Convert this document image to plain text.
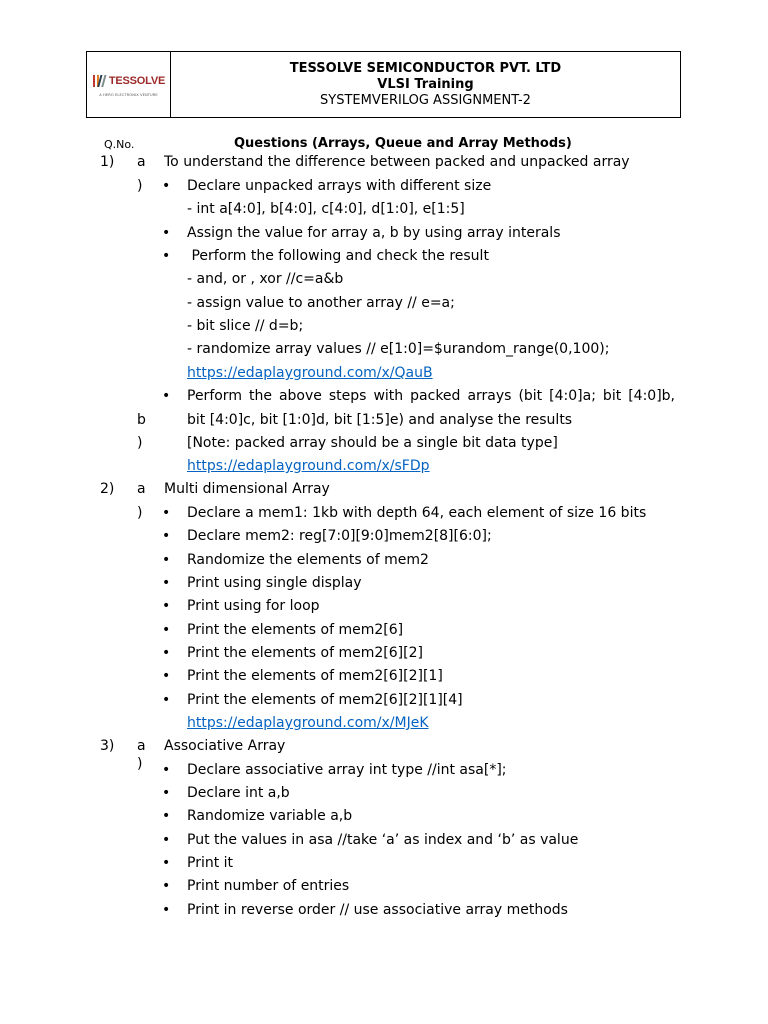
TESSOLVE
A HERO ELECTRONIX VENTURE
TESSOLVE SEMICONDUCTOR PVT. LTD
VLSI Training
SYSTEMVERILOG ASSIGNMENT-2
Q.No.	Questions (Arrays, Queue and Array Methods)
1) a
)
To understand the difference between packed and unpacked array
• Declare unpacked arrays with different size
- int a[4:0], b[4:0], c[4:0], d[1:0], e[1:5]
• Assign the value for array a, b by using array interals
• Perform the following and check the result
- and, or , xor //c=a&b
- assign value to another array // e=a;
- bit slice // d=b;
- randomize array values // e[1:0]=$urandom_range(0,100);
https://edaplayground.com/x/QauB
• Perform the above steps with packed arrays (bit [4:0]a; bit [4:0]b,
b	bit [4:0]c, bit [1:0]d, bit [1:5]e) and analyse the results
)	[Note: packed array should be a single bit data type]
https://edaplayground.com/x/sFDp
2) a
)
Multi dimensional Array
• Declare a mem1: 1kb with depth 64, each element of size 16 bits
• Declare mem2: reg[7:0][9:0]mem2[8][6:0];
• Randomize the elements of mem2
• Print using single display
• Print using for loop
• Print the elements of mem2[6]
• Print the elements of mem2[6][2]
• Print the elements of mem2[6][2][1]
• Print the elements of mem2[6][2][1][4]
https://edaplayground.com/x/MJeK
3) a
)
Associative Array
• Declare associative array int type //int asa[*];
• Declare int a,b
• Randomize variable a,b
• Put the values in asa //take ‘a’ as index and ‘b’ as value
• Print it
• Print number of entries
• Print in reverse order // use associative array methods
